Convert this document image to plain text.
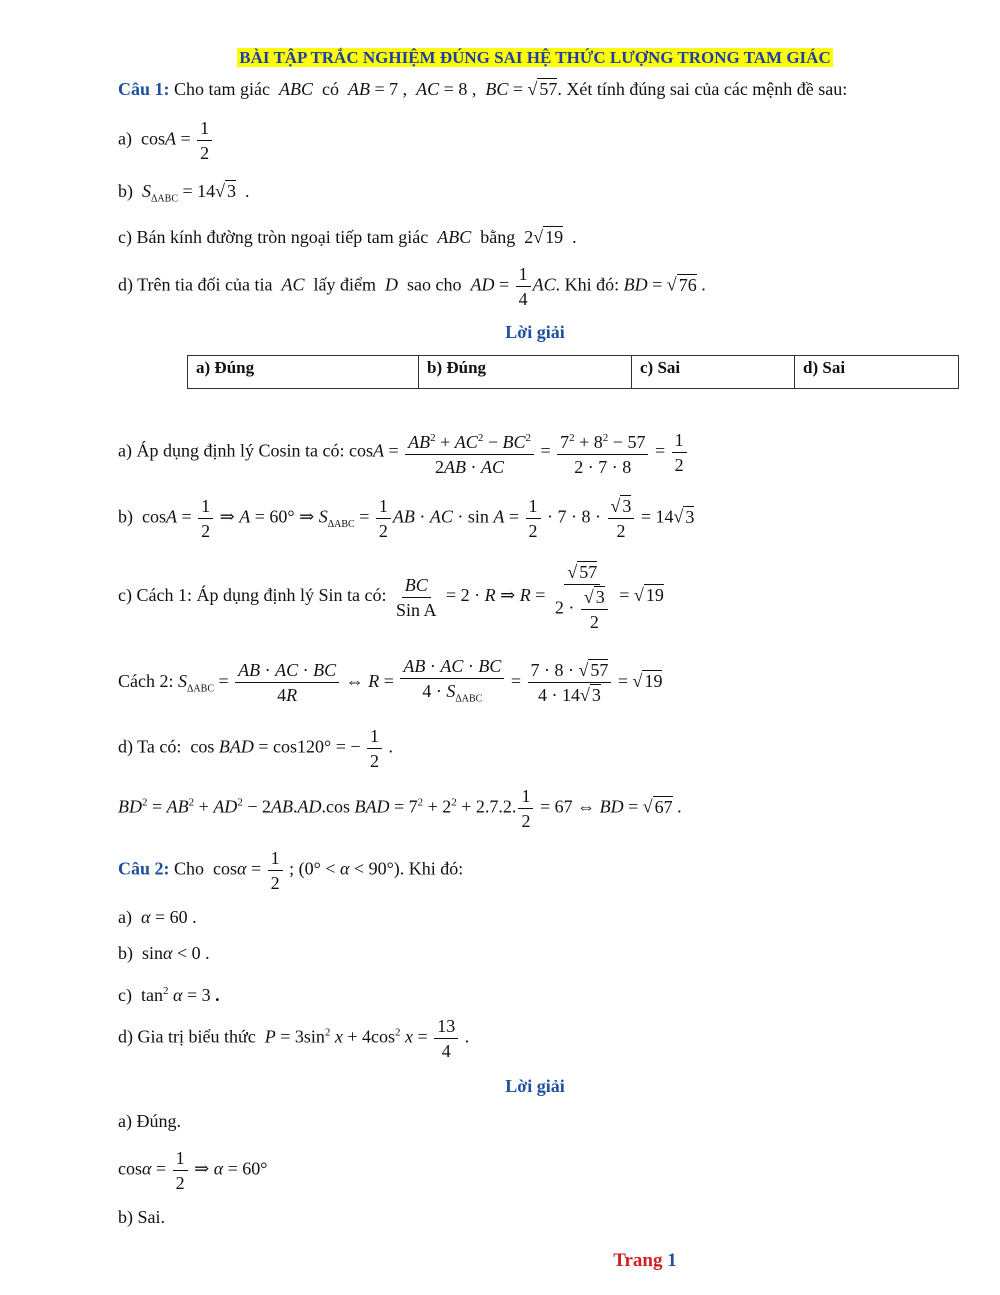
BÀI TẬP TRẮC NGHIỆM ĐÚNG SAI HỆ THỨC LƯỢNG TRONG TAM GIÁC
Câu 1: Cho tam giác ABC  có  AB = 7 ,  AC = 8 ,  BC = √ 57. Xét tính đúng sai của các mệnh đề sau:
a)  $\cos A = \frac{1}{2}$
b) $S_{\Delta ABC} = 14√$ 3  .
c) Bán kính đường tròn ngoại tiếp tam giác ABC bằng  2√ 19  .
d) Trên tia đối của tia AC lấy điểm D sao cho AD = $\frac{1}{4}$ AC. Khi đó: BD = √ 76 .
Lời giải
a) Đúng	b) Đúng	c) Sai	d) Sai
a) Áp dụng định lý Cosin ta có: $\cos A = \frac{AB^2 + AC^2 - BC^2}{2AB \cdot AC} = \frac{7^2 + 8^2 - 57}{2 \cdot 7 \cdot 8} = \frac{1}{2}$
b)  $\cos A = \frac{1}{2}$ ⇒ A = 60° ⇒ $S_{\Delta ABC} = \frac{1}{2}$ AB · AC · $\sin A = \frac{1}{2} \cdot 7 \cdot 8 \cdot \frac{√ 3}{2} = 14√$ 3
c) Cách 1: Áp dụng định lý Sin ta có: $\frac{BC}{\text{Sin A}} = 2 \cdot R$ ⇒ $R = \frac{√ 57}{2 \cdot \frac{√ 3}{2}}$ = √ 19
Cách 2: $S_{\Delta ABC} = \frac{AB \cdot AC \cdot BC}{4R}$ ⇔ $R = \frac{AB \cdot AC \cdot BC}{4 \cdot S_{\Delta ABC}} = \frac{7 \cdot 8 \cdot √ 57}{4 \cdot 14√ 3}$ = √ 19
d) Ta có:  cos BAD = cos120° = − $\frac{1}{2}$ .
$BD^2 = AB^2 + AD^2 - 2AB.AD.\cos$ BAD = $7^2 + 2^2 + 2.7.2$. $\frac{1}{2} = 67$ ⇔ BD = √ 67 .
Câu 2: Cho  $\cos\alpha = \frac{1}{2}$ ; (0° < α < 90°). Khi đó:
a) α = 60 .
b)  sinα < 0 .
c)  $\tan^2 \alpha = 3$ .
d) Gia trị biểu thức $P = 3\sin^2$ $x + 4\cos^2$ $x = \frac{13}{4}$ .
Lời giải
a) Đúng.
$\cos\alpha = \frac{1}{2}$ ⇒ α = 60°
b) Sai.
Trang 1
